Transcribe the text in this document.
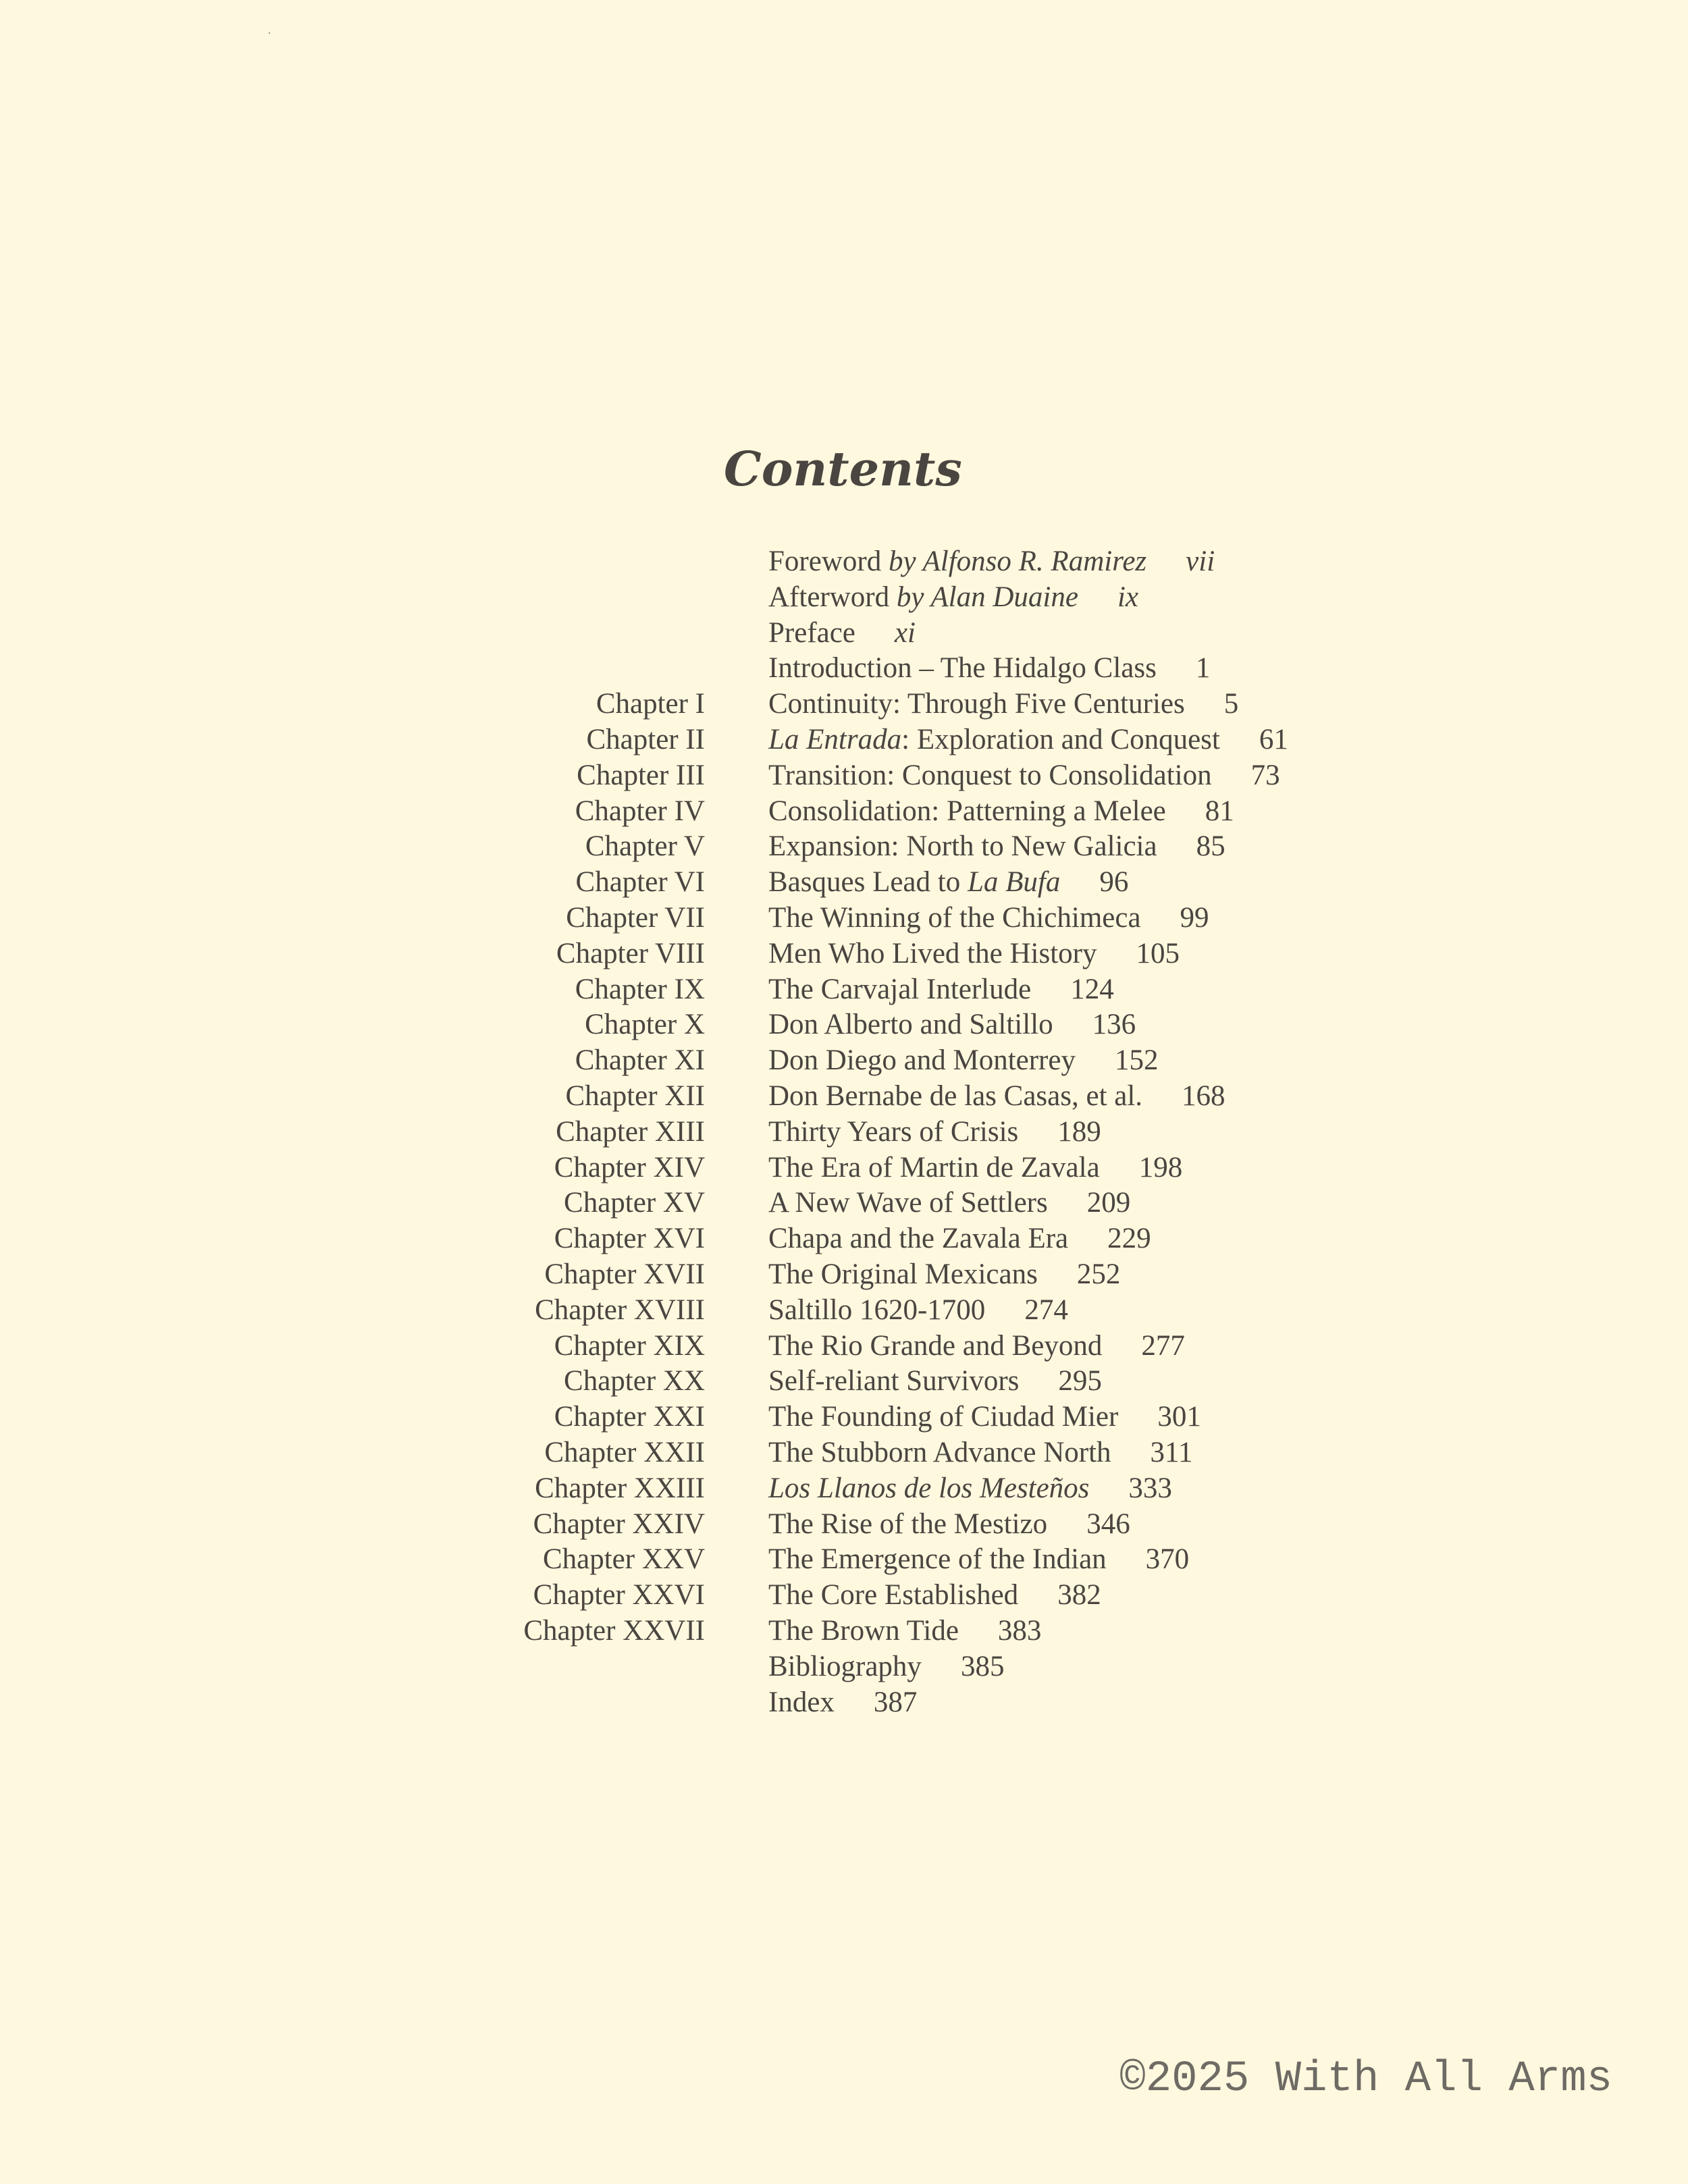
Contents
Foreword by Alfonso R. Ramirez vii
Afterword by Alan Duaine ix
Preface xi
Introduction – The Hidalgo Class 1
Chapter I Continuity: Through Five Centuries 5
Chapter II La Entrada: Exploration and Conquest 61
Chapter III Transition: Conquest to Consolidation 73
Chapter IV Consolidation: Patterning a Melee 81
Chapter V Expansion: North to New Galicia 85
Chapter VI Basques Lead to La Bufa 96
Chapter VII The Winning of the Chichimeca 99
Chapter VIII Men Who Lived the History 105
Chapter IX The Carvajal Interlude 124
Chapter X Don Alberto and Saltillo 136
Chapter XI Don Diego and Monterrey 152
Chapter XII Don Bernabe de las Casas, et al. 168
Chapter XIII Thirty Years of Crisis 189
Chapter XIV The Era of Martin de Zavala 198
Chapter XV A New Wave of Settlers 209
Chapter XVI Chapa and the Zavala Era 229
Chapter XVII The Original Mexicans 252
Chapter XVIII Saltillo 1620-1700 274
Chapter XIX The Rio Grande and Beyond 277
Chapter XX Self-reliant Survivors 295
Chapter XXI The Founding of Ciudad Mier 301
Chapter XXII The Stubborn Advance North 311
Chapter XXIII Los Llanos de los Mesteños 333
Chapter XXIV The Rise of the Mestizo 346
Chapter XXV The Emergence of the Indian 370
Chapter XXVI The Core Established 382
Chapter XXVII The Brown Tide 383
Bibliography 385
Index 387
©2025 With All Arms
